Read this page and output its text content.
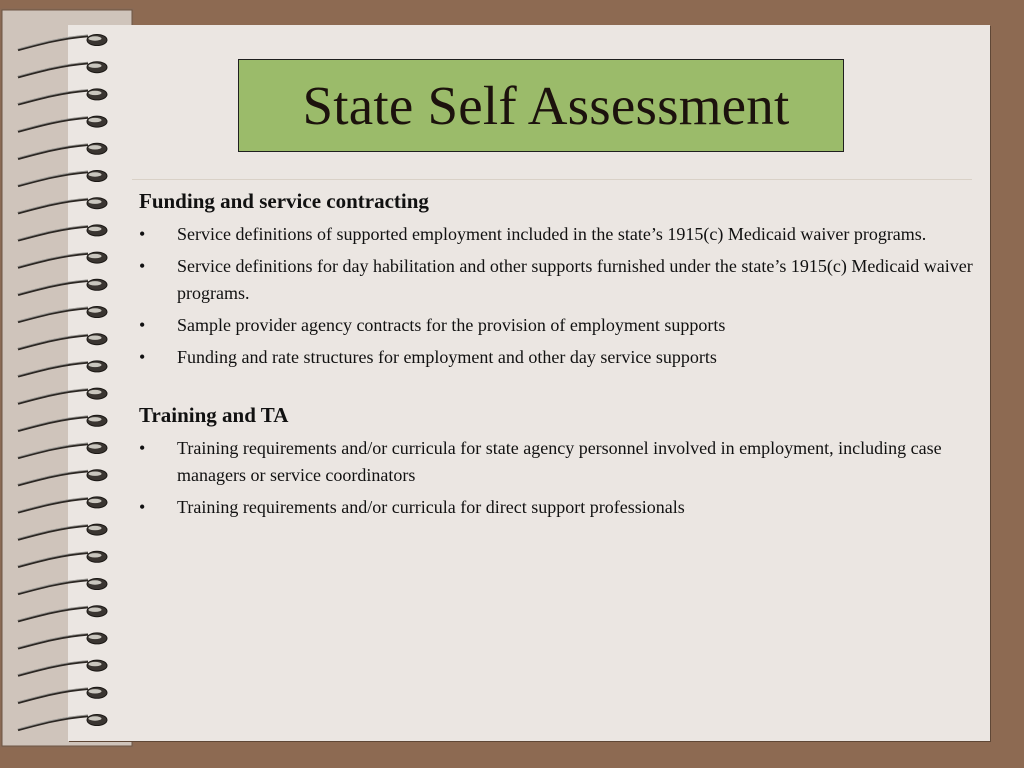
State Self Assessment
Funding and service contracting
• Service definitions of supported employment included in the state’s 1915(c) Medicaid waiver programs.
• Service definitions for day habilitation and other supports furnished under the state’s 1915(c) Medicaid waiver programs.
• Sample provider agency contracts for the provision of employment supports
• Funding and rate structures for employment and other day service supports
Training and TA
• Training requirements and/or curricula for state agency personnel involved in employment, including case managers or service coordinators
• Training requirements and/or curricula for direct support professionals
